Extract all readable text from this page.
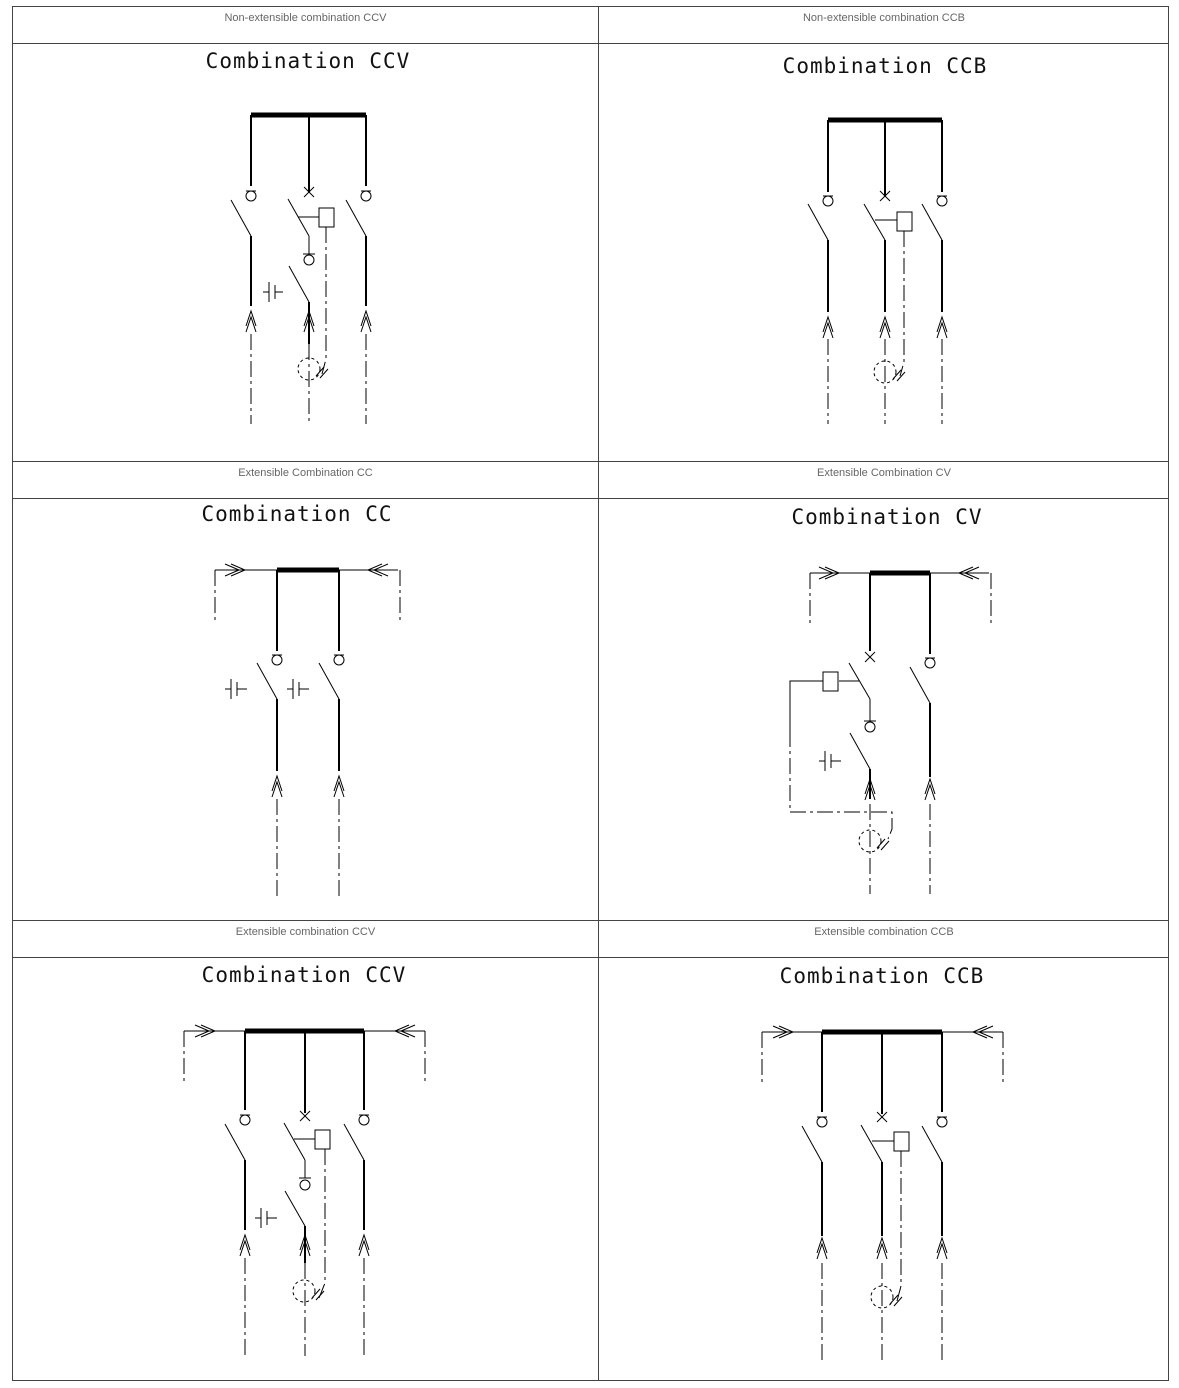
Non-extensible combination CCV	Non-extensible combination CCB
Combination CCV	Combination CCB
Extensible Combination CC	Extensible Combination CV
Combination CC	Combination CV
Extensible combination CCV	Extensible combination CCB
Combination CCV	Combination CCB
